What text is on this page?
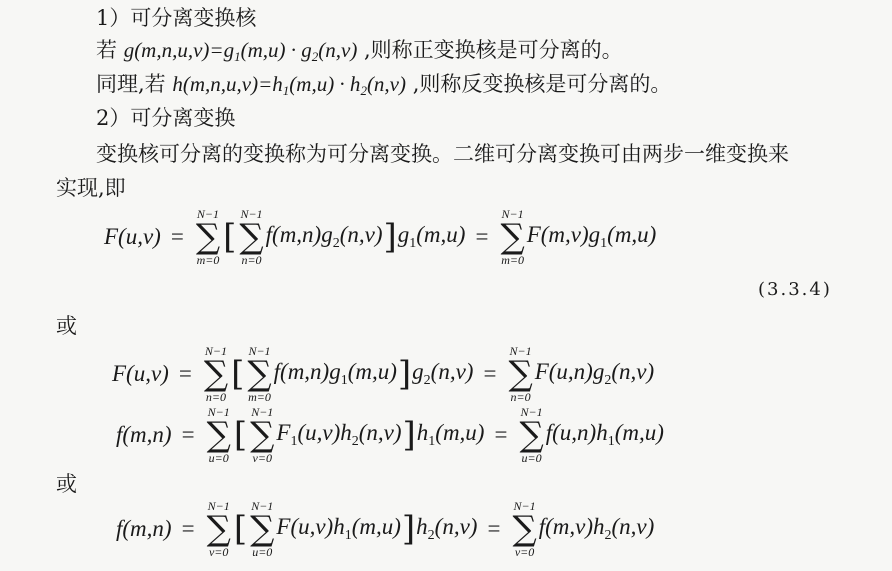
1）可分离变换核
若 $g(m,n,u,v)=g_1(m,u) \cdot g_2(n,v)$ ,则称正变换核是可分离的。
同理,若 $h(m,n,u,v)=h_1(m,u) \cdot h_2(n,v)$ ,则称反变换核是可分离的。
2）可分离变换
变换核可分离的变换称为可分离变换。二维可分离变换可由两步一维变换来
实现,即
F(u,v) =
N−1
∑
m=0
[
N−1
∑
n=0
$f(m,n)g_2(n,v)$ ] $g_1(m,u)$ =
N−1
∑
m=0
$F(m,v)g_1(m,u)$
(3.3.4)
或
F(u,v) =
N−1
∑
n=0
[
N−1
∑
m=0
$f(m,n)g_1(m,u)$ ] $g_2(n,v)$ =
N−1
∑
n=0
$F(u,n)g_2(n,v)$
f(m,n) =
N−1
∑
u=0
[
N−1
∑
v=0
$F_1(u,v)h_2(n,v)$ ] $h_1(m,u)$ =
N−1
∑
u=0
$f(u,n)h_1(m,u)$
或
f(m,n) =
N−1
∑
v=0
[
N−1
∑
u=0
$F(u,v)h_1(m,u)$ ] $h_2(n,v)$ =
N−1
∑
v=0
$f(m,v)h_2(n,v)$
